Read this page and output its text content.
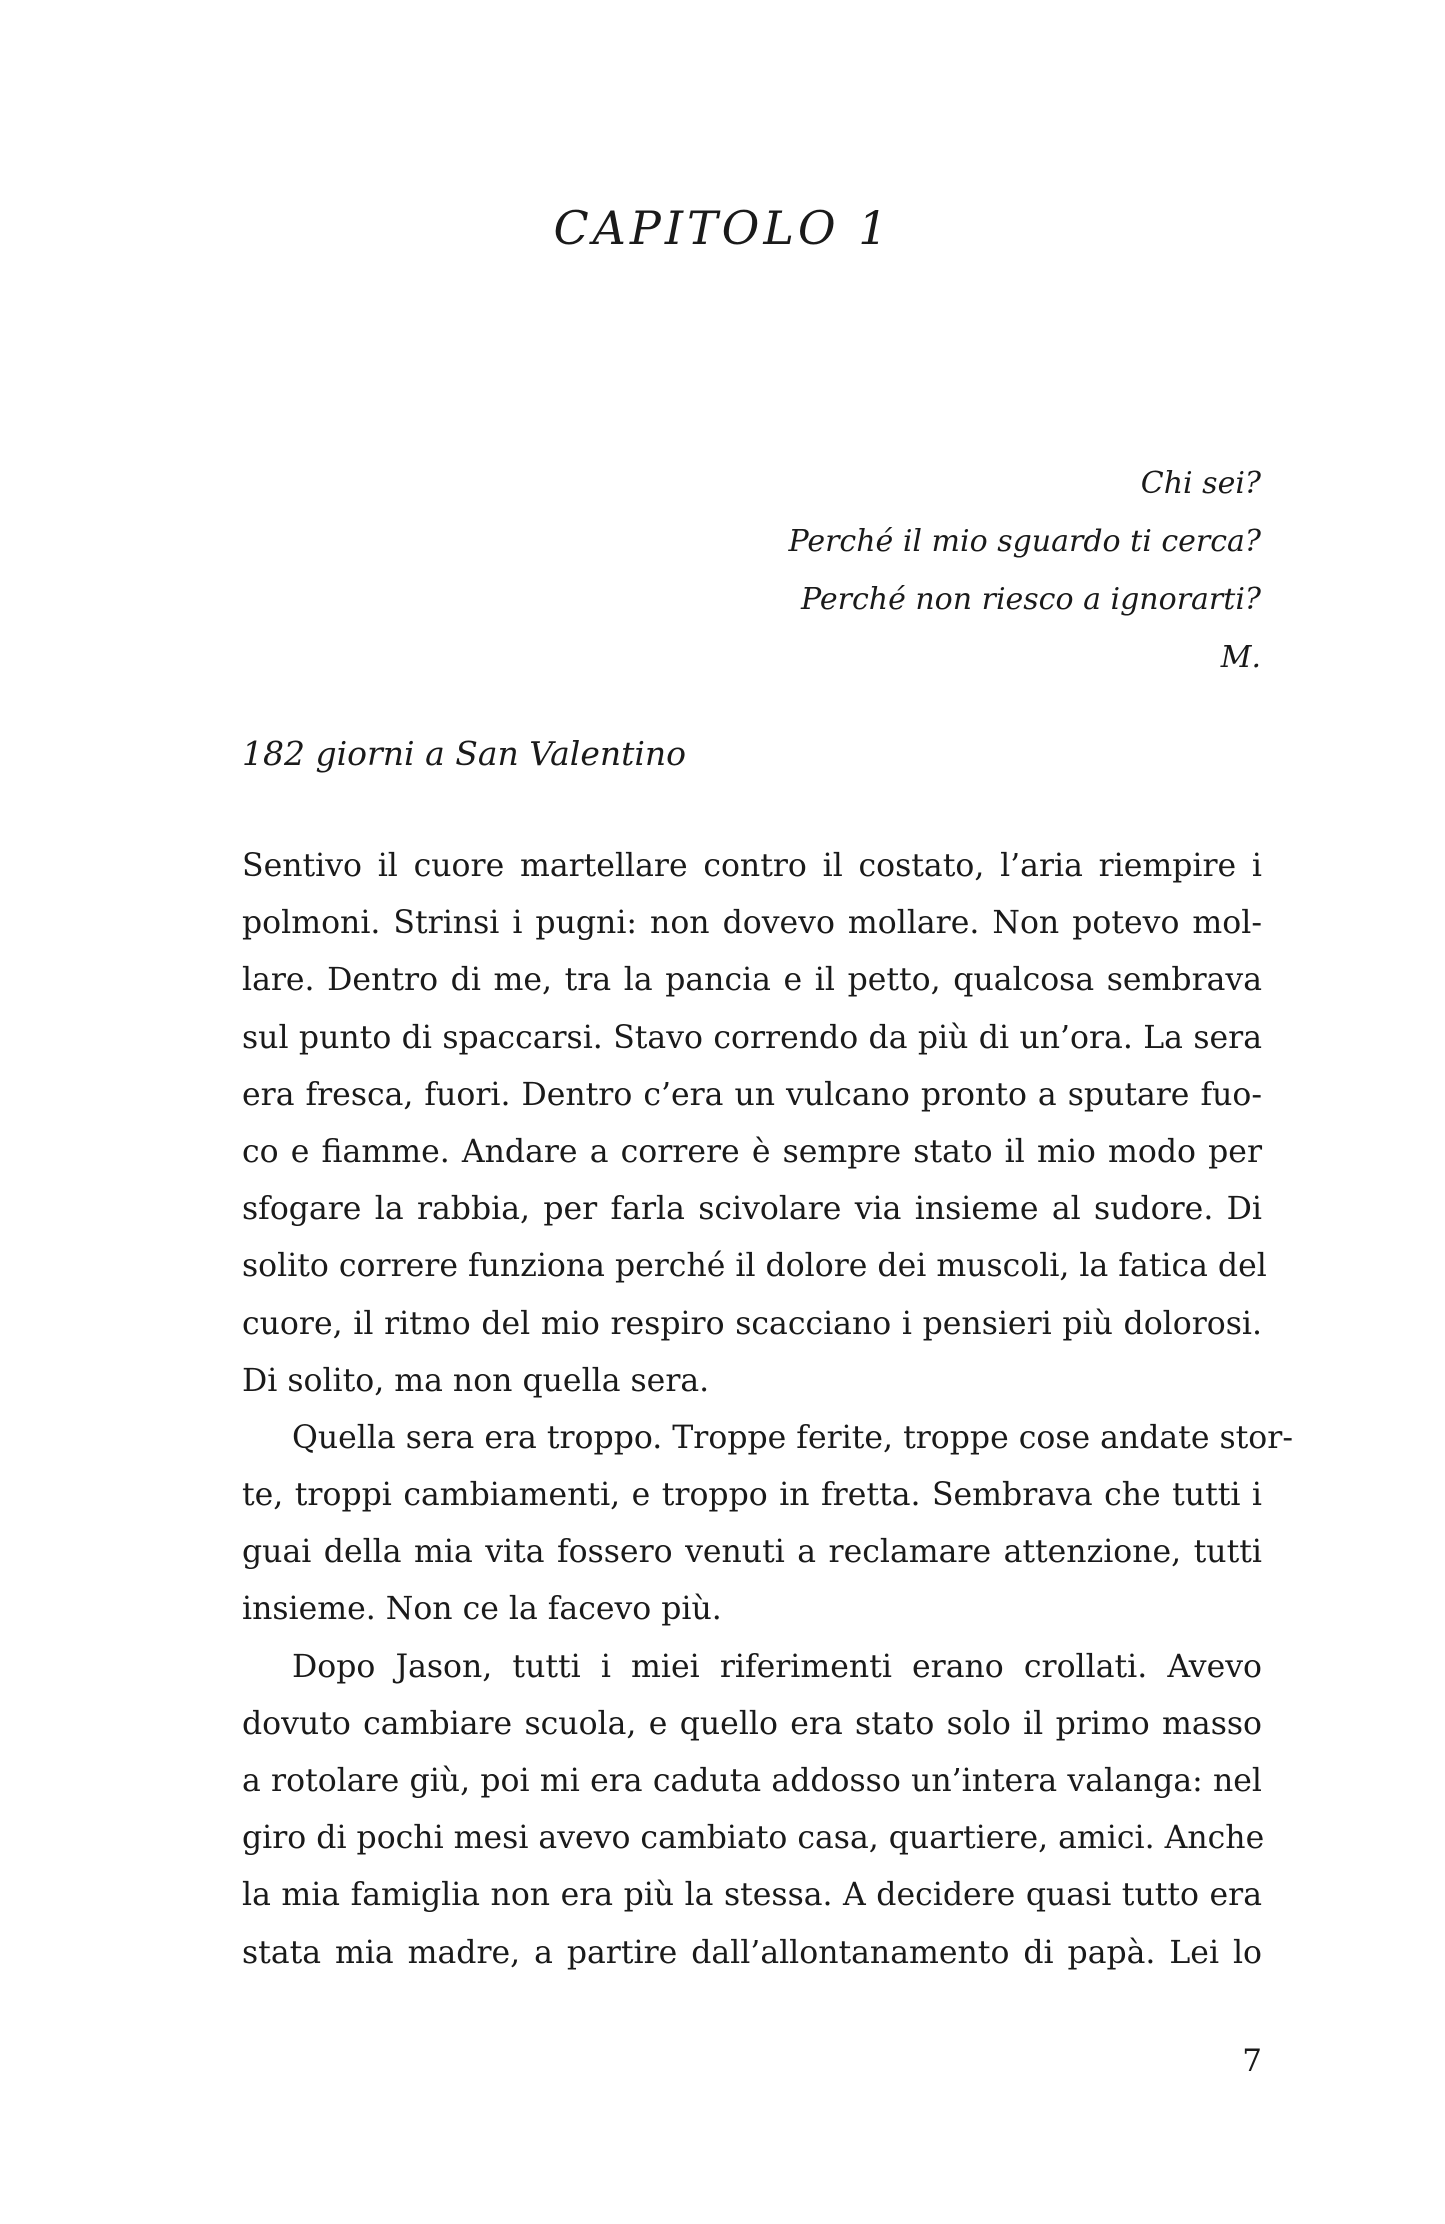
CAPITOLO 1
Chi sei?
Perché il mio sguardo ti cerca?
Perché non riesco a ignorarti?
M.
182 giorni a San Valentino
Sentivo il cuore martellare contro il costato, l’aria riempire i
polmoni. Strinsi i pugni: non dovevo mollare. Non potevo mol-
lare. Dentro di me, tra la pancia e il petto, qualcosa sembrava
sul punto di spaccarsi. Stavo correndo da più di un’ora. La sera
era fresca, fuori. Dentro c’era un vulcano pronto a sputare fuo-
co e fiamme. Andare a correre è sempre stato il mio modo per
sfogare la rabbia, per farla scivolare via insieme al sudore. Di
solito correre funziona perché il dolore dei muscoli, la fatica del
cuore, il ritmo del mio respiro scacciano i pensieri più dolorosi.
Di solito, ma non quella sera.
Quella sera era troppo. Troppe ferite, troppe cose andate stor-
te, troppi cambiamenti, e troppo in fretta. Sembrava che tutti i
guai della mia vita fossero venuti a reclamare attenzione, tutti
insieme. Non ce la facevo più.
Dopo Jason, tutti i miei riferimenti erano crollati. Avevo
dovuto cambiare scuola, e quello era stato solo il primo masso
a rotolare giù, poi mi era caduta addosso un’intera valanga: nel
giro di pochi mesi avevo cambiato casa, quartiere, amici. Anche
la mia famiglia non era più la stessa. A decidere quasi tutto era
stata mia madre, a partire dall’allontanamento di papà. Lei lo
7
